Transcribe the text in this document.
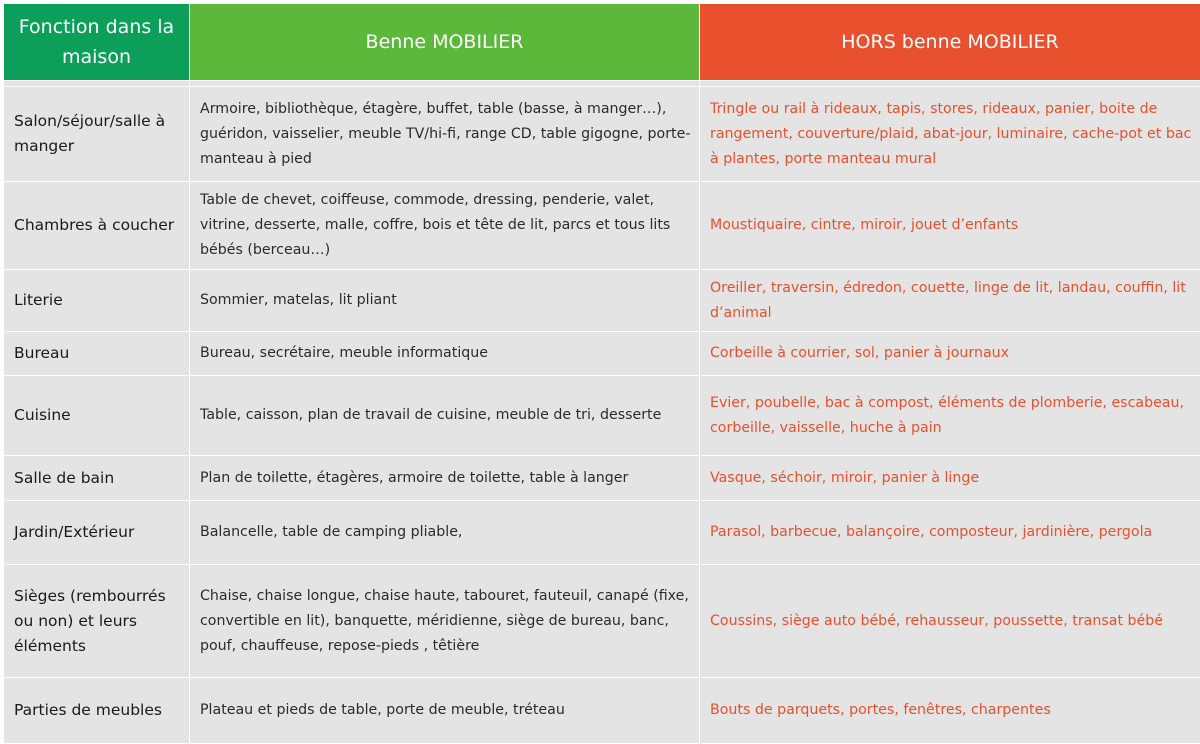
Fonction dans la maison	Benne MOBILIER	HORS benne MOBILIER

Salon/séjour/salle à manger	Armoire, bibliothèque, étagère, buffet, table (basse, à manger…), guéridon, vaisselier, meuble TV/hi-fi, range CD, table gigogne, porte-manteau à pied	Tringle ou rail à rideaux, tapis, stores, rideaux, panier, boite de rangement, couverture/plaid, abat-jour, luminaire, cache-pot et bac à plantes, porte manteau mural
Chambres à coucher	Table de chevet, coiffeuse, commode, dressing, penderie, valet, vitrine, desserte, malle, coffre, bois et tête de lit, parcs et tous lits bébés (berceau…)	Moustiquaire, cintre, miroir, jouet d’enfants
Literie	Sommier, matelas, lit pliant	Oreiller, traversin, édredon, couette, linge de lit, landau, couffin, lit d’animal
Bureau	Bureau, secrétaire, meuble informatique	Corbeille à courrier, sol, panier à journaux
Cuisine	Table, caisson, plan de travail de cuisine, meuble de tri, desserte	Evier, poubelle, bac à compost, éléments de plomberie, escabeau, corbeille, vaisselle, huche à pain
Salle de bain	Plan de toilette, étagères, armoire de toilette, table à langer	Vasque, séchoir, miroir, panier à linge
Jardin/Extérieur	Balancelle, table de camping pliable,	Parasol, barbecue, balançoire, composteur, jardinière, pergola
Sièges (rembourrés ou non) et leurs éléments	Chaise, chaise longue, chaise haute, tabouret, fauteuil, canapé (fixe, convertible en lit), banquette, méridienne, siège de bureau, banc, pouf, chauffeuse, repose-pieds , têtière	Coussins, siège auto bébé, rehausseur, poussette, transat bébé
Parties de meubles	Plateau et pieds de table, porte de meuble, tréteau	Bouts de parquets, portes, fenêtres, charpentes
